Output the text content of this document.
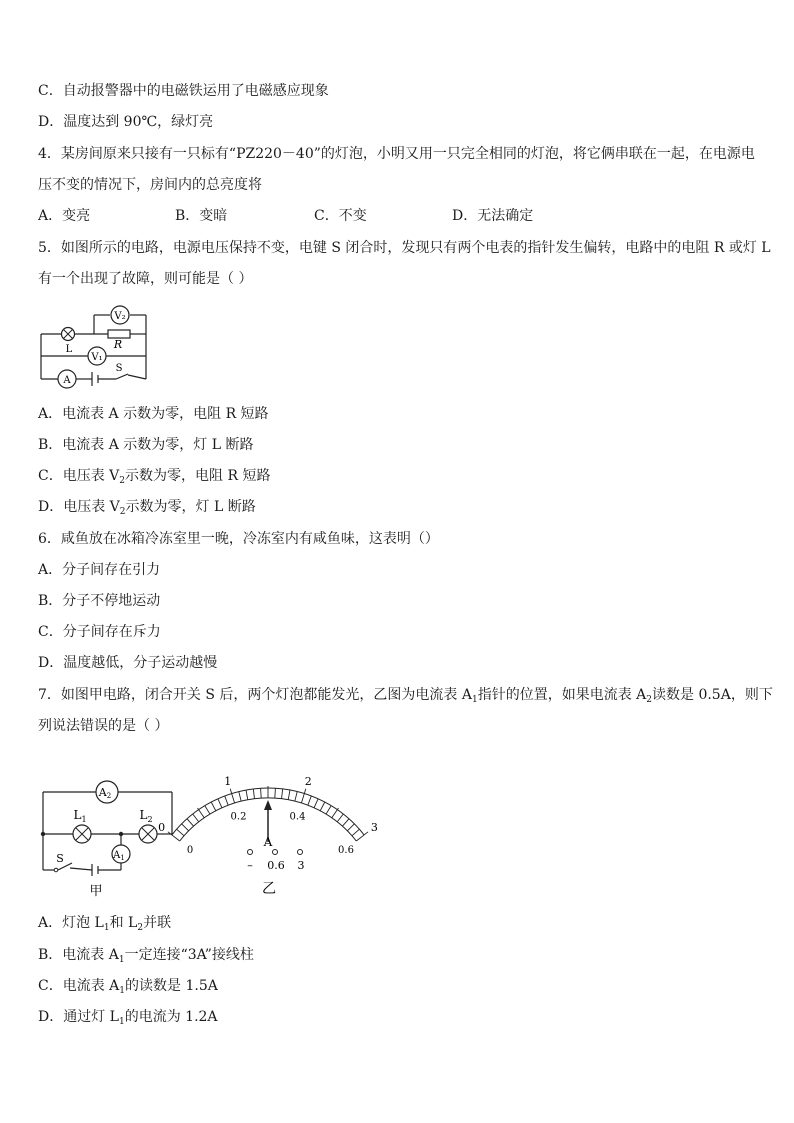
C．自动报警器中的电磁铁运用了电磁感应现象
D．温度达到 90℃，绿灯亮
4．某房间原来只接有一只标有“PZ220－40”的灯泡，小明又用一只完全相同的灯泡，将它俩串联在一起，在电源电
压不变的情况下，房间内的总亮度将
A．变亮	B．变暗	C．不变	D．无法确定
5．如图所示的电路，电源电压保持不变，电键 S 闭合时，发现只有两个电表的指针发生偏转，电路中的电阻 R 或灯 L
有一个出现了故障，则可能是（ ）
V₂
V₁
A
R
L
S
A．电流表 A 示数为零，电阻 R 短路
B．电流表 A 示数为零，灯 L 断路
C．电压表 $V_2$示数为零，电阻 R 短路
D．电压表 $V_2$示数为零，灯 L 断路
6．咸鱼放在冰箱冷冻室里一晚，冷冻室内有咸鱼味，这表明（）
A．分子间存在引力
B．分子不停地运动
C．分子间存在斥力
D．温度越低，分子运动越慢
7．如图甲电路，闭合开关 S 后，两个灯泡都能发光，乙图为电流表 $A_1$指针的位置，如果电流表 $A_2$读数是 0.5A，则下
列说法错误的是（ ）
A2
$L_1$	$L_2$
$A_1$
S
甲
0
1	2
3
0
0.2	0.4
0.6
A
– 0.6 3
乙
A．灯泡 $L_1$和 $L_2$并联
B．电流表 $A_1$一定连接“3A”接线柱
C．电流表 $A_1$的读数是 1.5A
D．通过灯 $L_1$的电流为 1.2A
